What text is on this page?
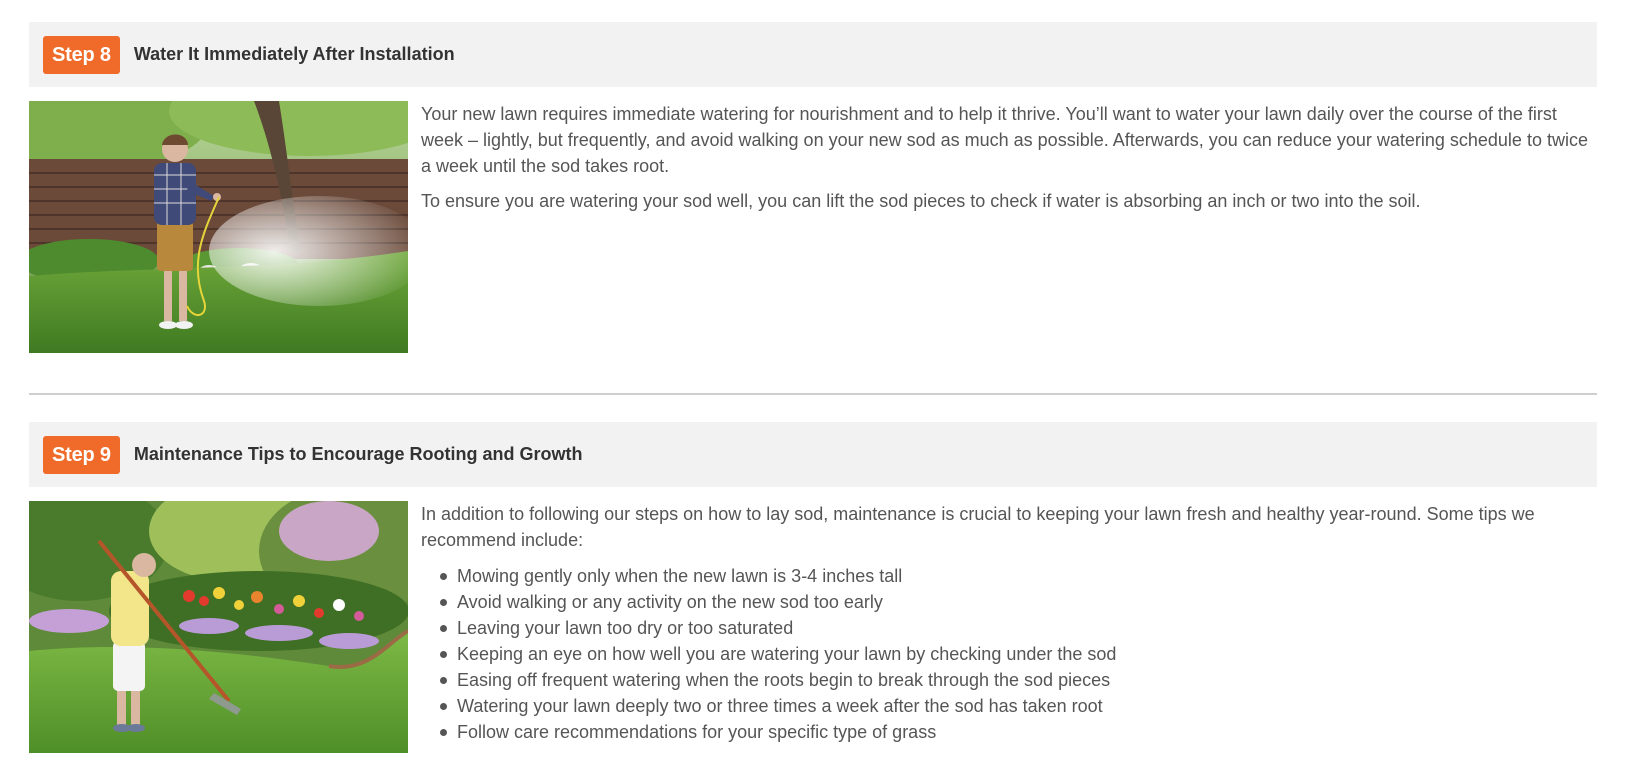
Step 8	Water It Immediately After Installation

Your new lawn requires immediate watering for nourishment and to help it thrive. You’ll want to water your lawn daily over the course of the first week – lightly, but frequently, and avoid walking on your new sod as much as possible. Afterwards, you can reduce your watering schedule to twice a week until the sod takes root.

To ensure you are watering your sod well, you can lift the sod pieces to check if water is absorbing an inch or two into the soil.

Step 9	Maintenance Tips to Encourage Rooting and Growth

In addition to following our steps on how to lay sod, maintenance is crucial to keeping your lawn fresh and healthy year-round. Some tips we recommend include:

Mowing gently only when the new lawn is 3-4 inches tall
Avoid walking or any activity on the new sod too early
Leaving your lawn too dry or too saturated
Keeping an eye on how well you are watering your lawn by checking under the sod
Easing off frequent watering when the roots begin to break through the sod pieces
Watering your lawn deeply two or three times a week after the sod has taken root
Follow care recommendations for your specific type of grass
